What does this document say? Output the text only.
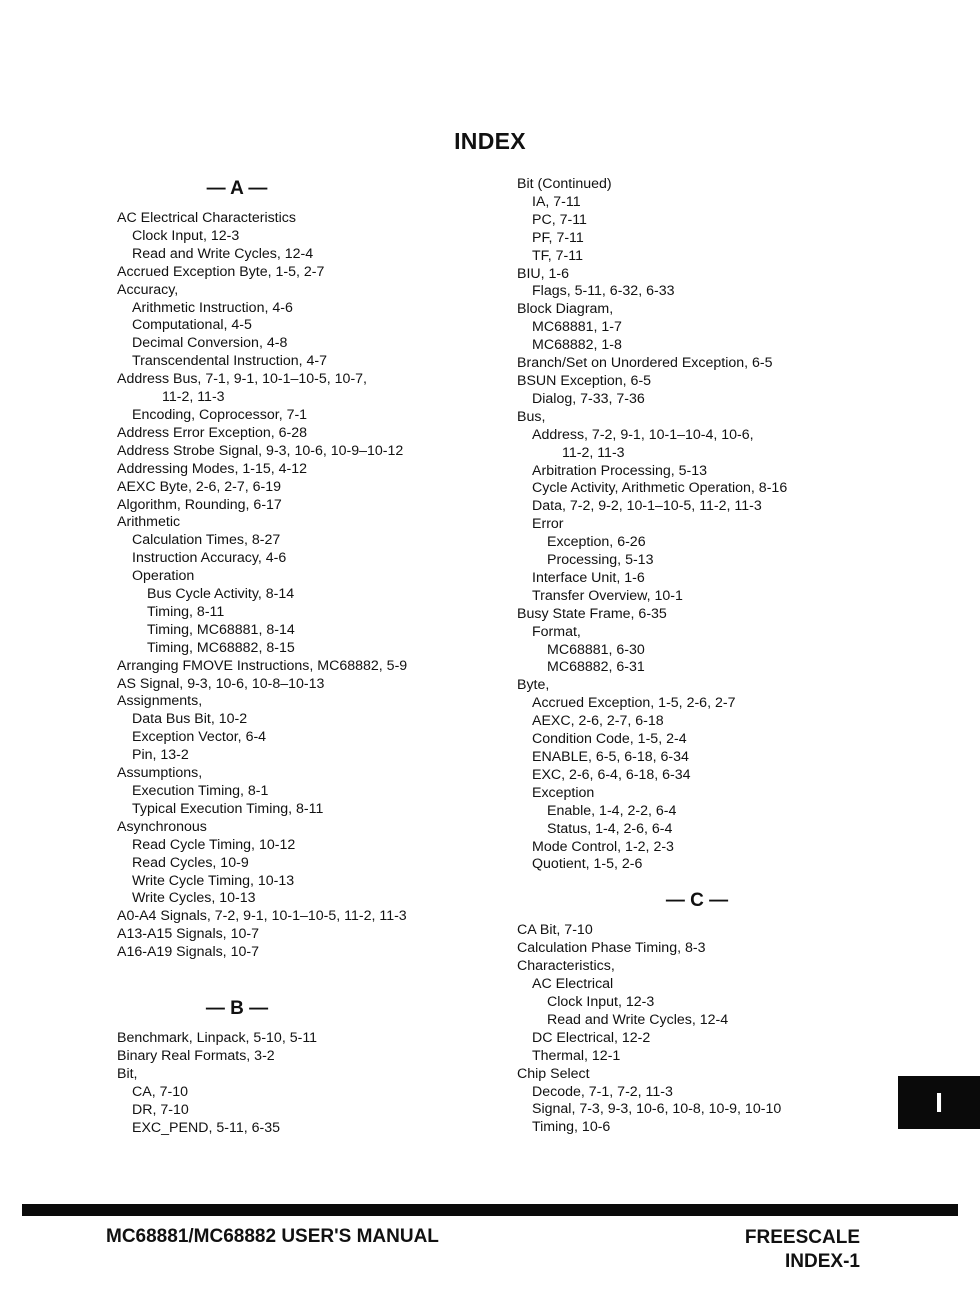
INDEX
— A —
AC Electrical Characteristics
Clock Input, 12-3
Read and Write Cycles, 12-4
Accrued Exception Byte, 1-5, 2-7
Accuracy,
Arithmetic Instruction, 4-6
Computational, 4-5
Decimal Conversion, 4-8
Transcendental Instruction, 4-7
Address Bus, 7-1, 9-1, 10-1–10-5, 10-7,
11-2, 11-3
Encoding, Coprocessor, 7-1
Address Error Exception, 6-28
Address Strobe Signal, 9-3, 10-6, 10-9–10-12
Addressing Modes, 1-15, 4-12
AEXC Byte, 2-6, 2-7, 6-19
Algorithm, Rounding, 6-17
Arithmetic
Calculation Times, 8-27
Instruction Accuracy, 4-6
Operation
Bus Cycle Activity, 8-14
Timing, 8-11
Timing, MC68881, 8-14
Timing, MC68882, 8-15
Arranging FMOVE Instructions, MC68882, 5-9
AS Signal, 9-3, 10-6, 10-8–10-13
Assignments,
Data Bus Bit, 10-2
Exception Vector, 6-4
Pin, 13-2
Assumptions,
Execution Timing, 8-1
Typical Execution Timing, 8-11
Asynchronous
Read Cycle Timing, 10-12
Read Cycles, 10-9
Write Cycle Timing, 10-13
Write Cycles, 10-13
A0-A4 Signals, 7-2, 9-1, 10-1–10-5, 11-2, 11-3
A13-A15 Signals, 10-7
A16-A19 Signals, 10-7
— B —
Benchmark, Linpack, 5-10, 5-11
Binary Real Formats, 3-2
Bit,
CA, 7-10
DR, 7-10
EXC_PEND, 5-11, 6-35
Bit (Continued)
IA, 7-11
PC, 7-11
PF, 7-11
TF, 7-11
BIU, 1-6
Flags, 5-11, 6-32, 6-33
Block Diagram,
MC68881, 1-7
MC68882, 1-8
Branch/Set on Unordered Exception, 6-5
BSUN Exception, 6-5
Dialog, 7-33, 7-36
Bus,
Address, 7-2, 9-1, 10-1–10-4, 10-6,
11-2, 11-3
Arbitration Processing, 5-13
Cycle Activity, Arithmetic Operation, 8-16
Data, 7-2, 9-2, 10-1–10-5, 11-2, 11-3
Error
Exception, 6-26
Processing, 5-13
Interface Unit, 1-6
Transfer Overview, 10-1
Busy State Frame, 6-35
Format,
MC68881, 6-30
MC68882, 6-31
Byte,
Accrued Exception, 1-5, 2-6, 2-7
AEXC, 2-6, 2-7, 6-18
Condition Code, 1-5, 2-4
ENABLE, 6-5, 6-18, 6-34
EXC, 2-6, 6-4, 6-18, 6-34
Exception
Enable, 1-4, 2-2, 6-4
Status, 1-4, 2-6, 6-4
Mode Control, 1-2, 2-3
Quotient, 1-5, 2-6
— C —
CA Bit, 7-10
Calculation Phase Timing, 8-3
Characteristics,
AC Electrical
Clock Input, 12-3
Read and Write Cycles, 12-4
DC Electrical, 12-2
Thermal, 12-1
Chip Select
Decode, 7-1, 7-2, 11-3
Signal, 7-3, 9-3, 10-6, 10-8, 10-9, 10-10
Timing, 10-6
I
MC68881/MC68882 USER'S MANUAL	FREESCALE
INDEX-1
